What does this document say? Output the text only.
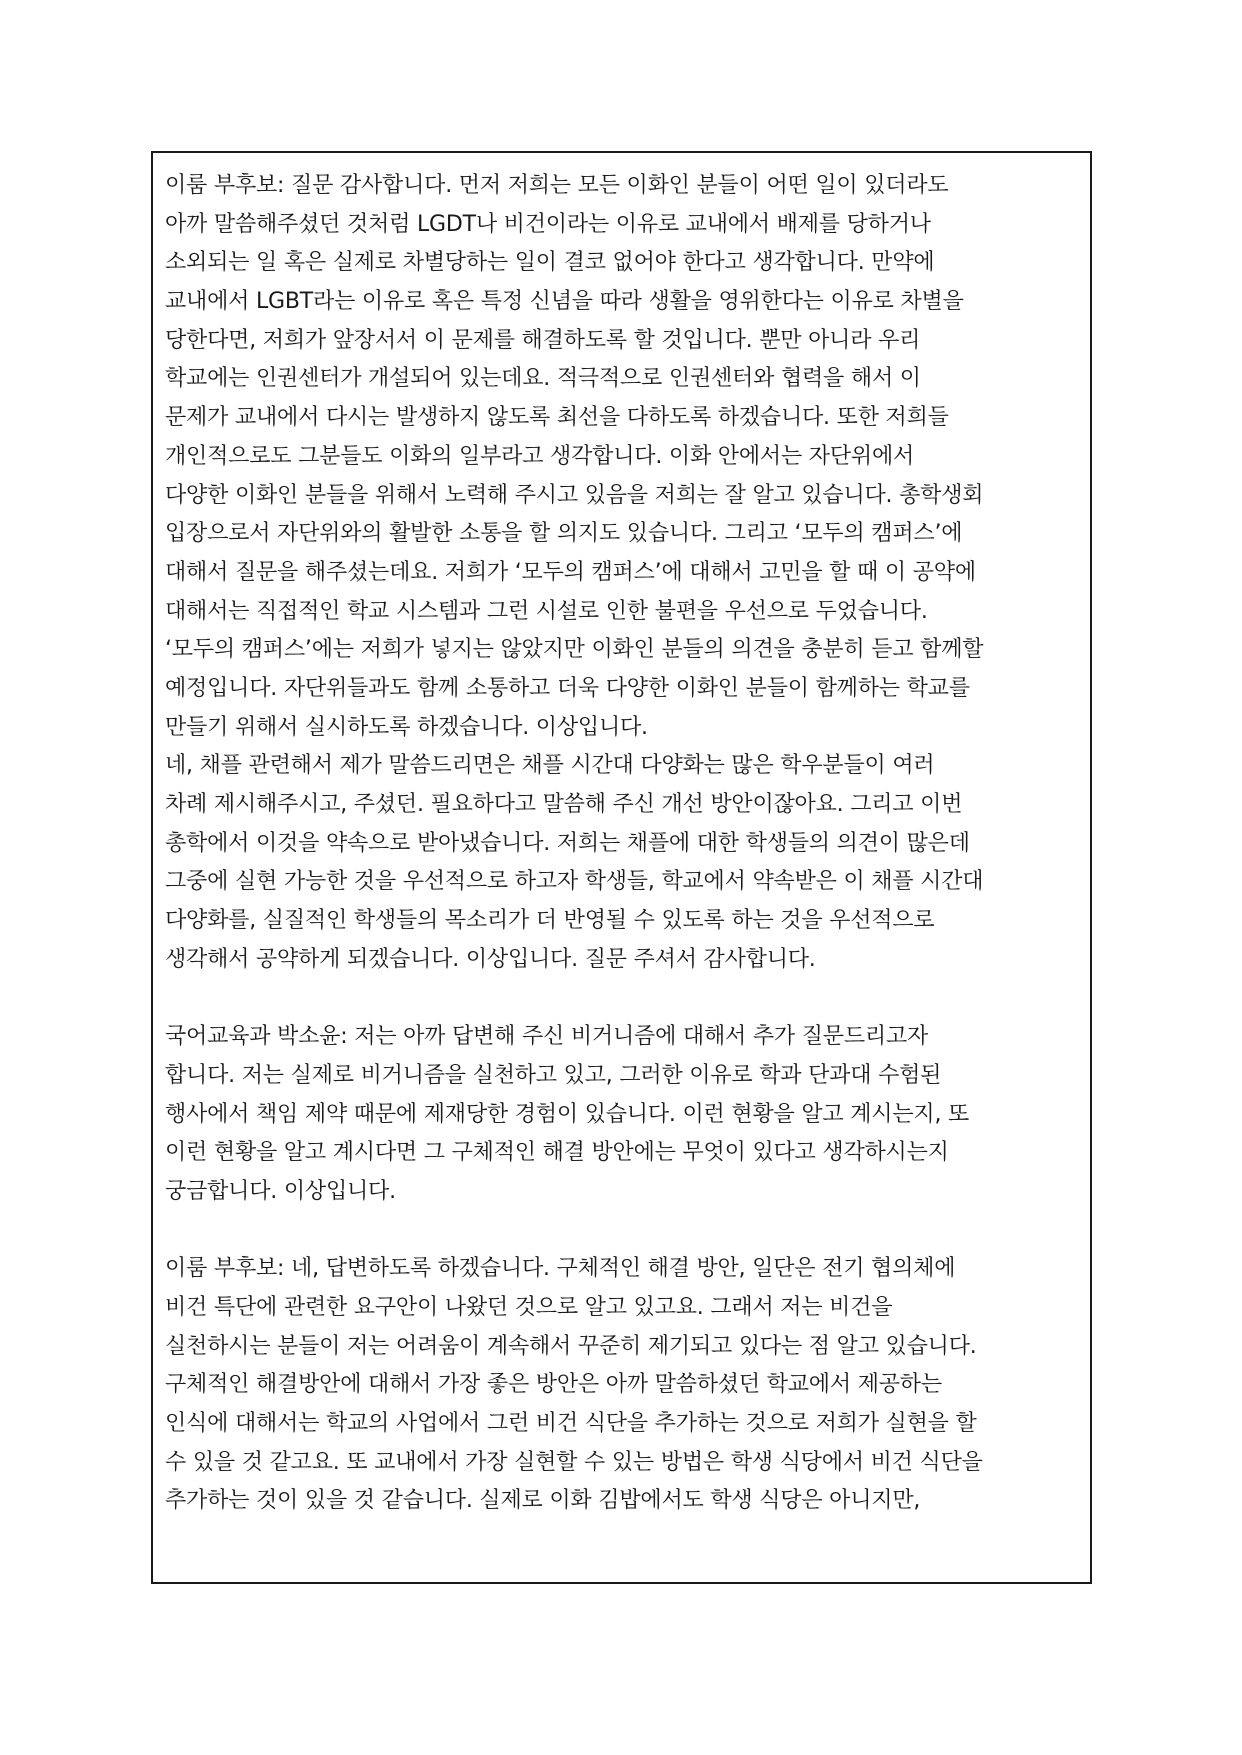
이룸 부후보: 질문 감사합니다. 먼저 저희는 모든 이화인 분들이 어떤 일이 있더라도
아까 말씀해주셨던 것처럼 LGDT나 비건이라는 이유로 교내에서 배제를 당하거나
소외되는 일 혹은 실제로 차별당하는 일이 결코 없어야 한다고 생각합니다. 만약에
교내에서 LGBT라는 이유로 혹은 특정 신념을 따라 생활을 영위한다는 이유로 차별을
당한다면, 저희가 앞장서서 이 문제를 해결하도록 할 것입니다. 뿐만 아니라 우리
학교에는 인권센터가 개설되어 있는데요. 적극적으로 인권센터와 협력을 해서 이
문제가 교내에서 다시는 발생하지 않도록 최선을 다하도록 하겠습니다. 또한 저희들
개인적으로도 그분들도 이화의 일부라고 생각합니다. 이화 안에서는 자단위에서
다양한 이화인 분들을 위해서 노력해 주시고 있음을 저희는 잘 알고 있습니다. 총학생회
입장으로서 자단위와의 활발한 소통을 할 의지도 있습니다. 그리고 ‘모두의 캠퍼스’에
대해서 질문을 해주셨는데요. 저희가 ‘모두의 캠퍼스’에 대해서 고민을 할 때 이 공약에
대해서는 직접적인 학교 시스템과 그런 시설로 인한 불편을 우선으로 두었습니다.
‘모두의 캠퍼스’에는 저희가 넣지는 않았지만 이화인 분들의 의견을 충분히 듣고 함께할
예정입니다. 자단위들과도 함께 소통하고 더욱 다양한 이화인 분들이 함께하는 학교를
만들기 위해서 실시하도록 하겠습니다. 이상입니다.
네, 채플 관련해서 제가 말씀드리면은 채플 시간대 다양화는 많은 학우분들이 여러
차례 제시해주시고, 주셨던. 필요하다고 말씀해 주신 개선 방안이잖아요. 그리고 이번
총학에서 이것을 약속으로 받아냈습니다. 저희는 채플에 대한 학생들의 의견이 많은데
그중에 실현 가능한 것을 우선적으로 하고자 학생들, 학교에서 약속받은 이 채플 시간대
다양화를, 실질적인 학생들의 목소리가 더 반영될 수 있도록 하는 것을 우선적으로
생각해서 공약하게 되겠습니다. 이상입니다. 질문 주셔서 감사합니다.
국어교육과 박소윤: 저는 아까 답변해 주신 비거니즘에 대해서 추가 질문드리고자
합니다. 저는 실제로 비거니즘을 실천하고 있고, 그러한 이유로 학과 단과대 수험된
행사에서 책임 제약 때문에 제재당한 경험이 있습니다. 이런 현황을 알고 계시는지, 또
이런 현황을 알고 계시다면 그 구체적인 해결 방안에는 무엇이 있다고 생각하시는지
궁금합니다. 이상입니다.
이룸 부후보: 네, 답변하도록 하겠습니다. 구체적인 해결 방안, 일단은 전기 협의체에
비건 특단에 관련한 요구안이 나왔던 것으로 알고 있고요. 그래서 저는 비건을
실천하시는 분들이 저는 어려움이 계속해서 꾸준히 제기되고 있다는 점 알고 있습니다.
구체적인 해결방안에 대해서 가장 좋은 방안은 아까 말씀하셨던 학교에서 제공하는
인식에 대해서는 학교의 사업에서 그런 비건 식단을 추가하는 것으로 저희가 실현을 할
수 있을 것 같고요. 또 교내에서 가장 실현할 수 있는 방법은 학생 식당에서 비건 식단을
추가하는 것이 있을 것 같습니다. 실제로 이화 김밥에서도 학생 식당은 아니지만,
